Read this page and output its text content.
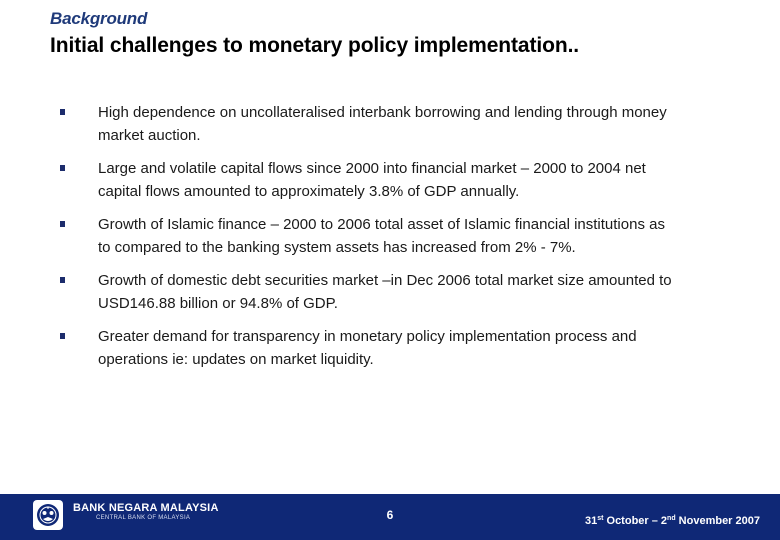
Background
Initial challenges to monetary policy implementation..
High dependence on uncollateralised interbank borrowing and lending through money
market auction.
Large and volatile capital flows since 2000 into financial market – 2000 to 2004 net
capital flows amounted to approximately 3.8% of GDP annually.
Growth of Islamic finance – 2000 to 2006 total asset of Islamic financial institutions as
to compared to the banking system assets has increased from 2% - 7%.
Growth of domestic debt securities market –in Dec 2006 total market size amounted to
USD146.88 billion or 94.8% of GDP.
Greater demand for transparency in monetary policy implementation process and
operations ie: updates on market liquidity.
BANK NEGARA MALAYSIA
CENTRAL BANK OF MALAYSIA	6	31st October – 2nd November 2007
